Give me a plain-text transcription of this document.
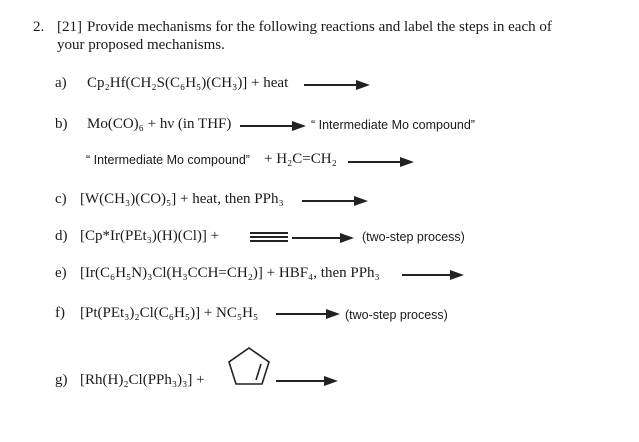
2. [21] Provide mechanisms for the following reactions and label the steps in each of
your proposed mechanisms.
a) Cp₂Hf(CH₂S(C₆H₅)(CH₃)] + heat
b) Mo(CO)₆ + hν (in THF)	“ Intermediate Mo compound”
“ Intermediate Mo compound” + H₂C=CH₂
c) [W(CH₃)(CO)₅] + heat, then PPh₃
d) [Cp*Ir(PEt₃)(H)(Cl)] +	(two-step process)
e) [Ir(C₆H₅N)₃Cl(H₃CCH=CH₂)] + HBF₄, then PPh₃
f) [Pt(PEt₃)₂Cl(C₆H₅)] + NC₅H₅	(two-step process)
g) [Rh(H)₂Cl(PPh₃)₃] +
